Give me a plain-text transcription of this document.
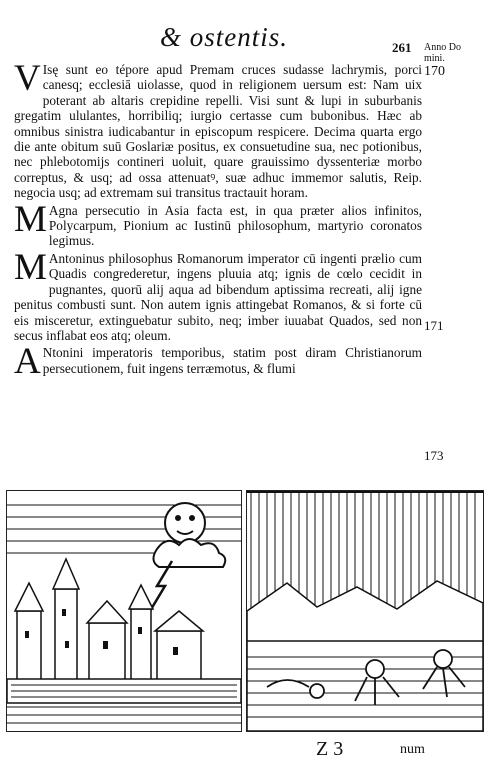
& ostentis.	261 Anno Do mini.
170

V Isę sunt eo tépore apud Premam cruces sudasse lachrymis, porci canesq; ecclesiā uiolasse, quod in religionem uersum est: Nam uix poterant ab altaris crepidine repelli. Visi sunt & lupi in suburbanis gregatim ululantes, horribiliq; iurgio certasse cum bubonibus. Hæc ab omnibus sinistra iudicabantur in episcopum respicere. Decima quarta ergo die ante obitum suū Goslariæ positus, ex consuetudine sua, nec potionibus, nec phlebotomijs contineri uoluit, quare grauissimo dyssenteriæ morbo correptus, & usq; ad ossa attenuatꝰ, suæ adhuc immemor salutis, Reip. negocia usq; ad extremam sui transitus tractauit horam.

M Agna persecutio in Asia facta est, in qua præter alios infinitos, Polycarpum, Pionium ac Iustinū philosophum, martyrio coronatos legimus.

M Antoninus philosophus Romanorum imperator cū ingenti prælio cum Quadis congrederetur, ingens pluuia atq; ignis de cœlo cecidit in pugnantes, quorū alij aqua ad bibendum aptissima recreati, alij igne penitus combusti sunt. Non autem ignis attingebat Romanos, & si forte cū eis misceretur, extinguebatur subito, neq; imber iuuabat Quados, sed non secus inflabat eos atq; oleum.

A Ntonini imperatoris temporibus, statim post diram Christianorum persecutionem, fuit ingens terræmotus, & flumi

171
173
Z 3	num
